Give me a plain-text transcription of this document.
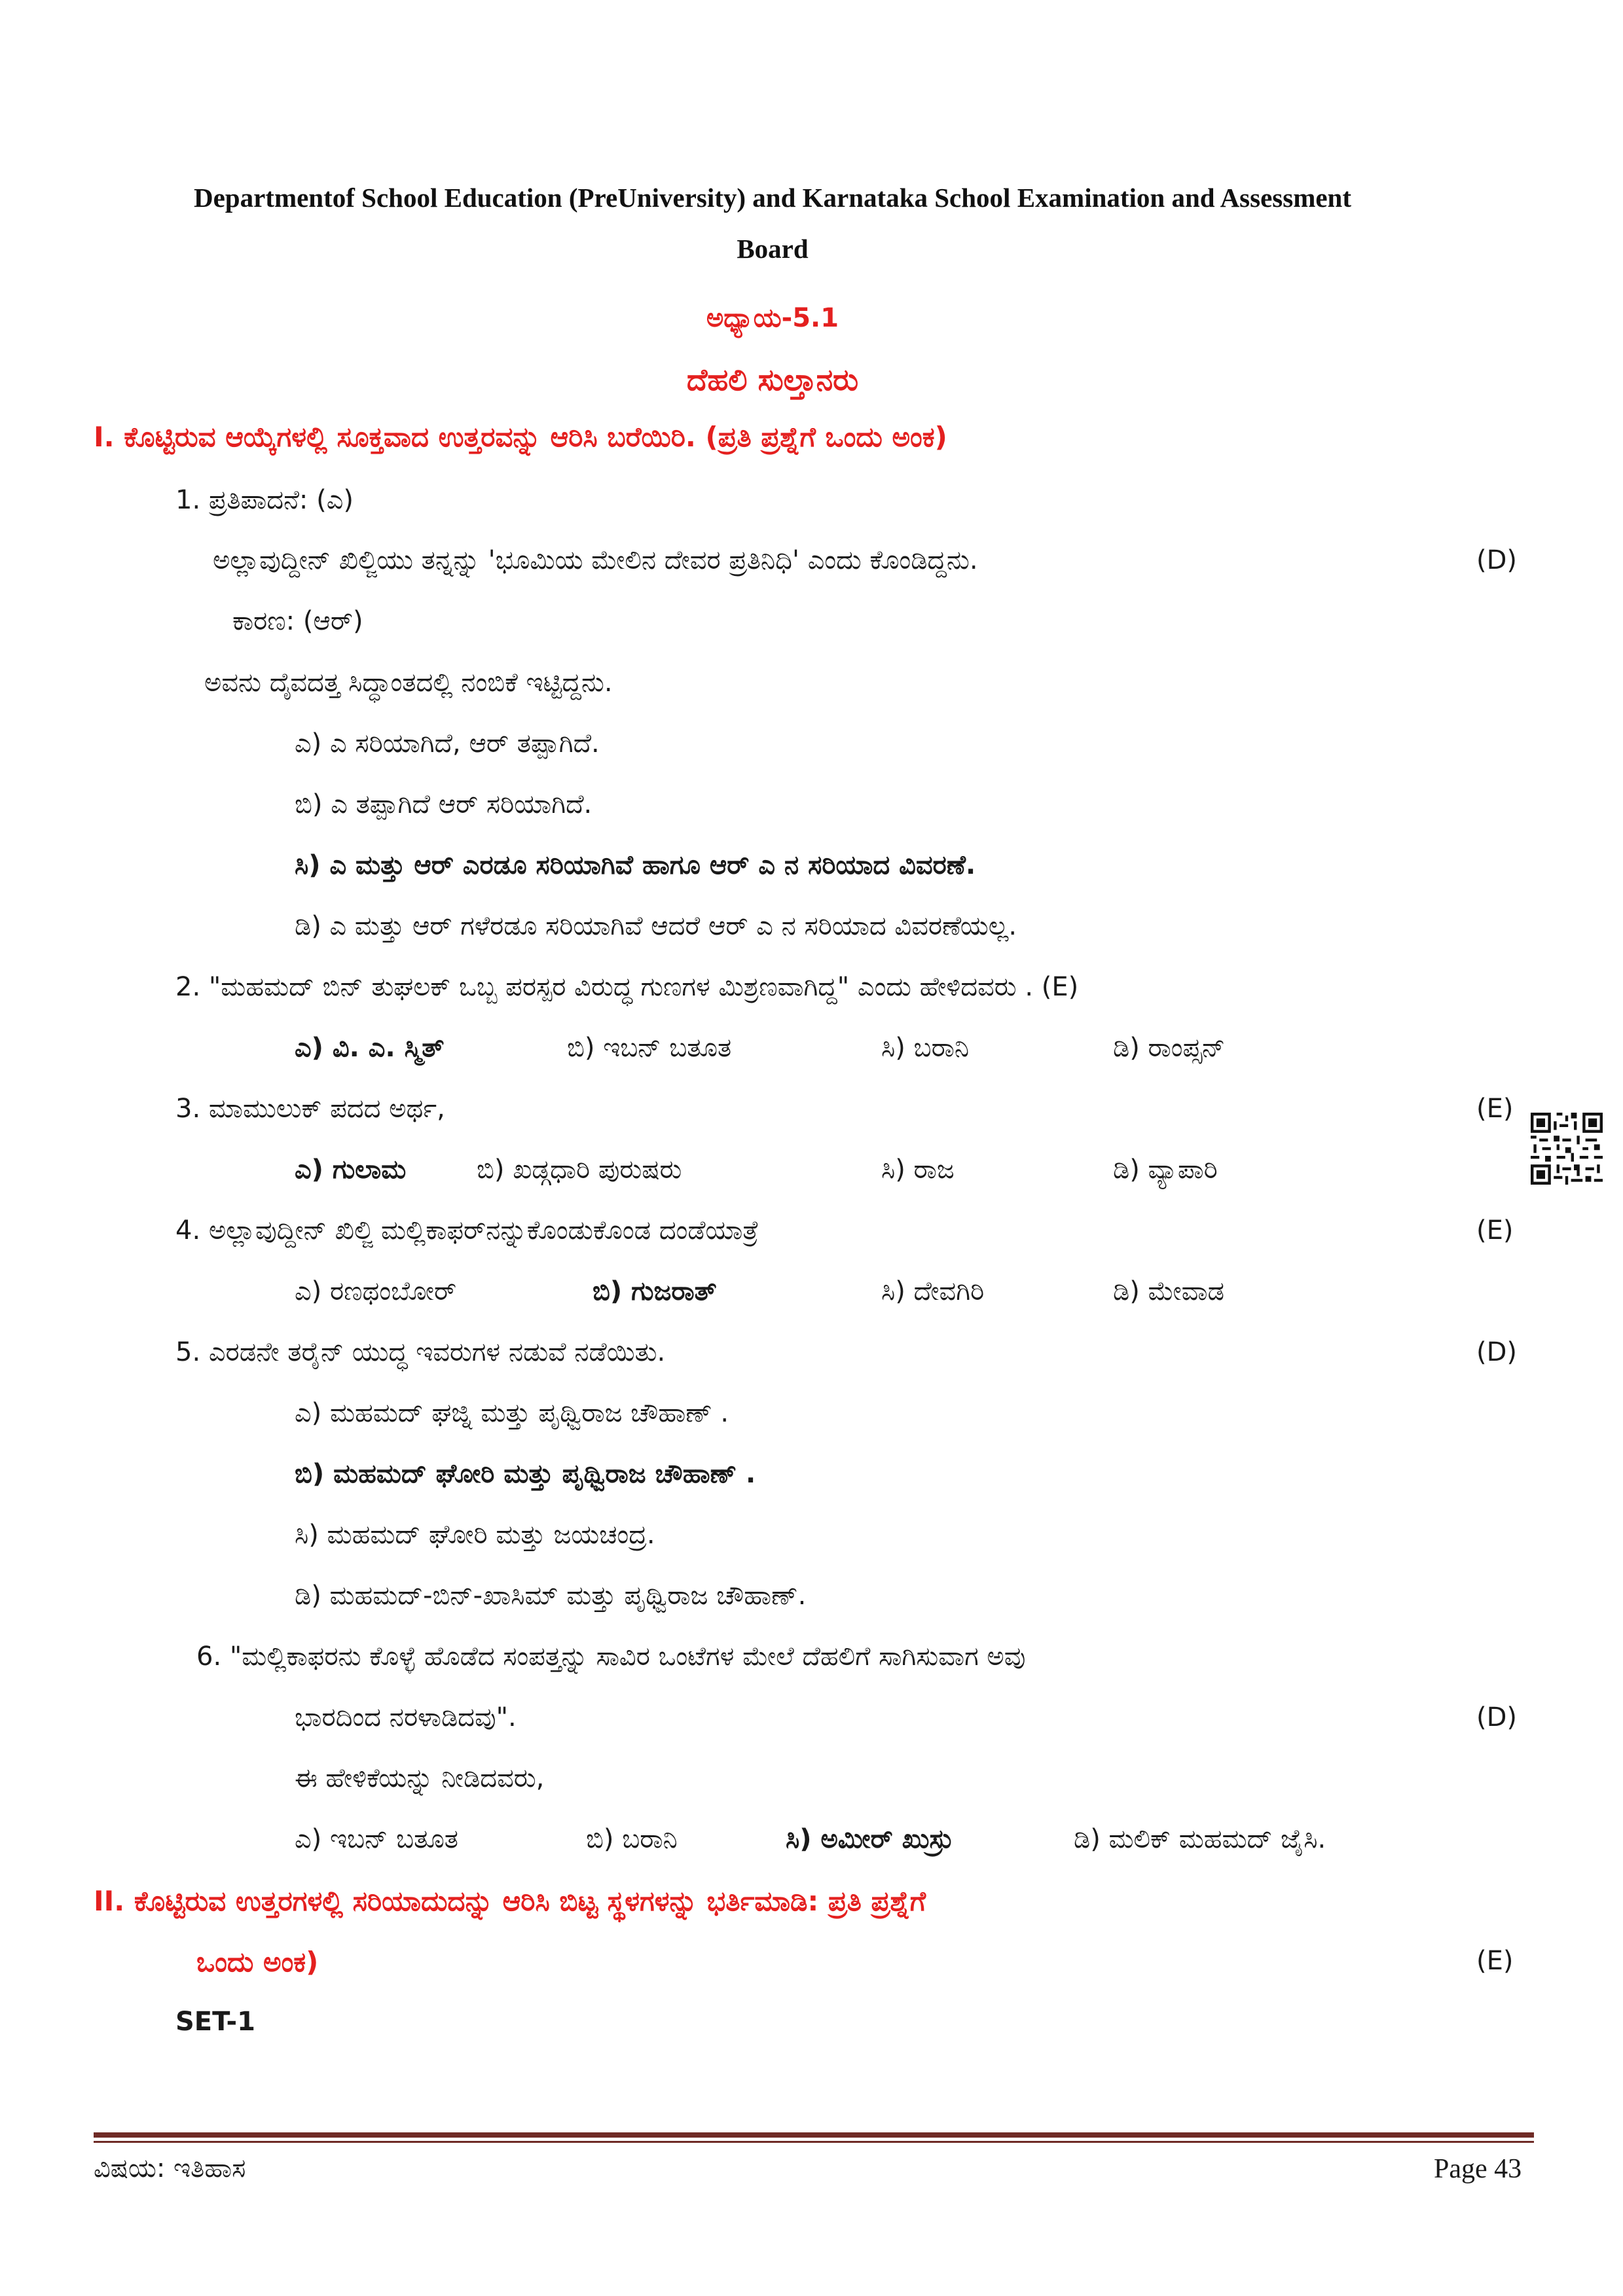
Departmentof School Education (PreUniversity) and Karnataka School Examination and Assessment
Board
ಅಧ್ಯಾಯ-5.1
ದೆಹಲಿ ಸುಲ್ತಾನರು
I. ಕೊಟ್ಟಿರುವ ಆಯ್ಕೆಗಳಲ್ಲಿ ಸೂಕ್ತವಾದ ಉತ್ತರವನ್ನು ಆರಿಸಿ ಬರೆಯಿರಿ. (ಪ್ರತಿ ಪ್ರಶ್ನೆಗೆ ಒಂದು ಅಂಕ)
1. ಪ್ರತಿಪಾದನೆ: (ಎ)
ಅಲ್ಲಾವುದ್ದೀನ್ ಖಿಲ್ಜಿಯು ತನ್ನನ್ನು 'ಭೂಮಿಯ ಮೇಲಿನ ದೇವರ ಪ್ರತಿನಿಧಿ' ಎಂದು ಕೊಂಡಿದ್ದನು.	(D)
ಕಾರಣ: (ಆರ್)
ಅವನು ದೈವದತ್ತ ಸಿದ್ಧಾಂತದಲ್ಲಿ ನಂಬಿಕೆ ಇಟ್ಟಿದ್ದನು.
ಎ) ಎ ಸರಿಯಾಗಿದೆ, ಆರ್ ತಪ್ಪಾಗಿದೆ.
ಬಿ) ಎ ತಪ್ಪಾಗಿದೆ ಆರ್ ಸರಿಯಾಗಿದೆ.
ಸಿ) ಎ ಮತ್ತು ಆರ್ ಎರಡೂ ಸರಿಯಾಗಿವೆ ಹಾಗೂ ಆರ್ ಎ ನ ಸರಿಯಾದ ವಿವರಣೆ.
ಡಿ) ಎ ಮತ್ತು ಆರ್ ಗಳೆರಡೂ ಸರಿಯಾಗಿವೆ ಆದರೆ ಆರ್ ಎ ನ ಸರಿಯಾದ ವಿವರಣೆಯಲ್ಲ.
2. "ಮಹಮದ್ ಬಿನ್ ತುಘಲಕ್ ಒಬ್ಬ ಪರಸ್ಪರ ವಿರುದ್ಧ ಗುಣಗಳ ಮಿಶ್ರಣವಾಗಿದ್ದ" ಎಂದು ಹೇಳಿದವರು . (E)
ಎ) ವಿ. ಎ. ಸ್ಮಿತ್	ಬಿ) ಇಬನ್ ಬತೂತ	ಸಿ) ಬರಾನಿ	ಡಿ) ರಾಂಪ್ಸನ್
3. ಮಾಮುಲುಕ್ ಪದದ ಅರ್ಥ,	(E)
ಎ) ಗುಲಾಮ	ಬಿ) ಖಡ್ಗಧಾರಿ ಪುರುಷರು	ಸಿ) ರಾಜ	ಡಿ) ವ್ಯಾಪಾರಿ
4. ಅಲ್ಲಾವುದ್ದೀನ್ ಖಿಲ್ಜಿ ಮಲ್ಲಿಕಾಫರ್‌ನನ್ನುಕೊಂಡುಕೊಂಡ ದಂಡೆಯಾತ್ರೆ	(E)
ಎ) ರಣಥಂಬೋರ್	ಬಿ) ಗುಜರಾತ್	ಸಿ) ದೇವಗಿರಿ	ಡಿ) ಮೇವಾಡ
5. ಎರಡನೇ ತರೈನ್ ಯುದ್ಧ ಇವರುಗಳ ನಡುವೆ ನಡೆಯಿತು.	(D)
ಎ) ಮಹಮದ್ ಘಜ್ನಿ ಮತ್ತು ಪೃಥ್ವಿರಾಜ ಚೌಹಾಣ್ .
ಬಿ) ಮಹಮದ್ ಘೋರಿ ಮತ್ತು ಪೃಥ್ವಿರಾಜ ಚೌಹಾಣ್ .
ಸಿ) ಮಹಮದ್ ಘೋರಿ ಮತ್ತು ಜಯಚಂದ್ರ.
ಡಿ) ಮಹಮದ್-ಬಿನ್-ಖಾಸಿಮ್ ಮತ್ತು ಪೃಥ್ವಿರಾಜ ಚೌಹಾಣ್.
6. "ಮಲ್ಲಿಕಾಫರನು ಕೊಳ್ಳೆ ಹೊಡೆದ ಸಂಪತ್ತನ್ನು ಸಾವಿರ ಒಂಟೆಗಳ ಮೇಲೆ ದೆಹಲಿಗೆ ಸಾಗಿಸುವಾಗ ಅವು
ಭಾರದಿಂದ ನರಳಾಡಿದವು".	(D)
ಈ ಹೇಳಿಕೆಯನ್ನು ನೀಡಿದವರು,
ಎ) ಇಬನ್ ಬತೂತ	ಬಿ) ಬರಾನಿ	ಸಿ) ಅಮೀರ್ ಖುಸ್ರು	ಡಿ) ಮಲಿಕ್ ಮಹಮದ್ ಜೈಸಿ.
II. ಕೊಟ್ಟಿರುವ ಉತ್ತರಗಳಲ್ಲಿ ಸರಿಯಾದುದನ್ನು ಆರಿಸಿ ಬಿಟ್ಟ ಸ್ಥಳಗಳನ್ನು ಭರ್ತಿಮಾಡಿ: ಪ್ರತಿ ಪ್ರಶ್ನೆಗೆ
ಒಂದು ಅಂಕ)	(E)
SET-1
ವಿಷಯ: ಇತಿಹಾಸ	Page 43
